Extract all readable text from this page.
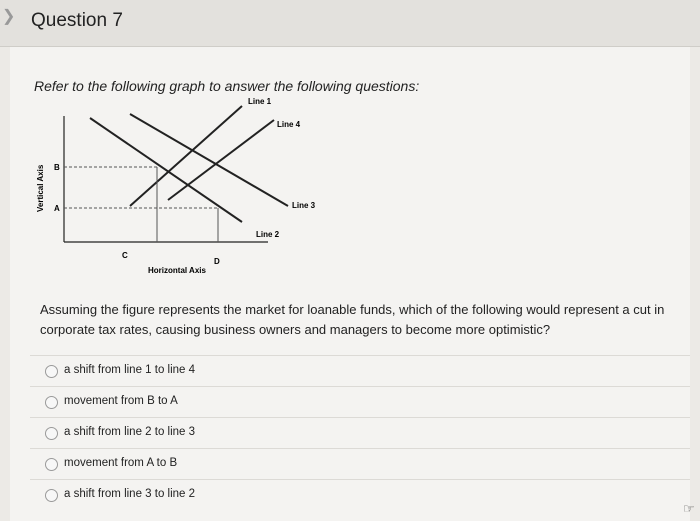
❯ Question 7
Refer to the following graph to answer the following questions:
Vertical Axis B
A
C
D
Horizontal Axis
Line 1
Line 4
Line 3
Line 2
Assuming the figure represents the market for loanable funds, which of the following would represent a cut in corporate tax rates, causing business owners and managers to become more optimistic?
a shift from line 1 to line 4
movement from B to A
a shift from line 2 to line 3
movement from A to B
a shift from line 3 to line 2
☞
